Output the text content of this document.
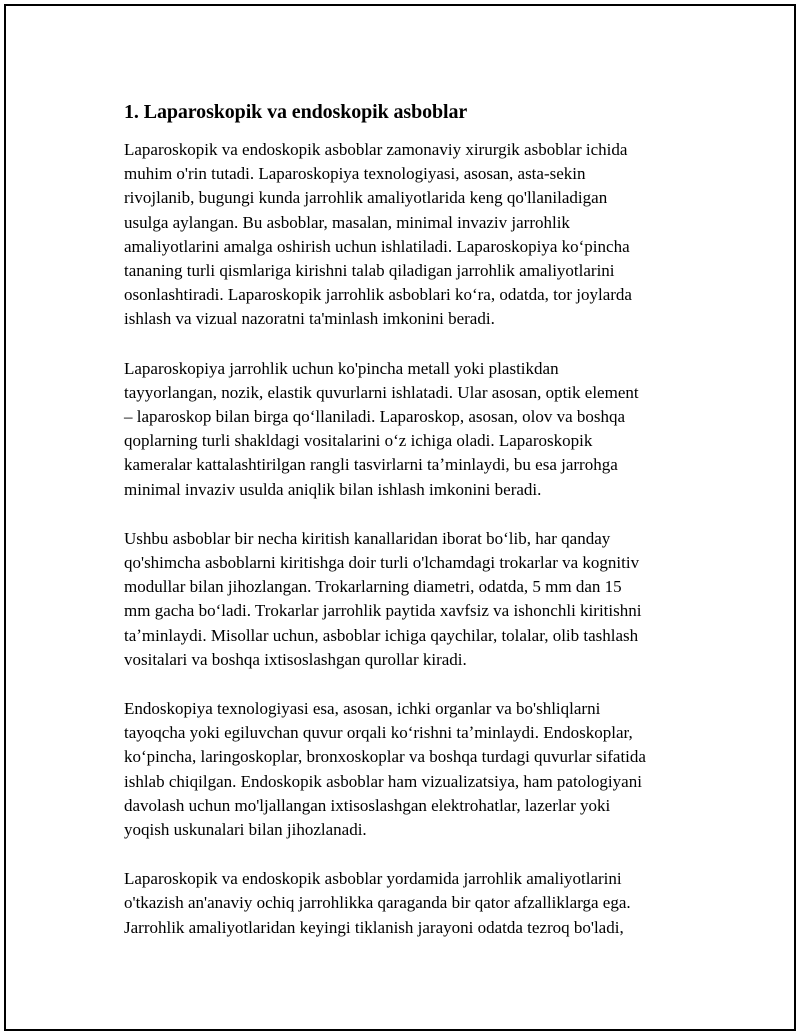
1. Laparoskopik va endoskopik asboblar

Laparoskopik va endoskopik asboblar zamonaviy xirurgik asboblar ichida
muhim o'rin tutadi. Laparoskopiya texnologiyasi, asosan, asta-sekin
rivojlanib, bugungi kunda jarrohlik amaliyotlarida keng qo'llaniladigan
usulga aylangan. Bu asboblar, masalan, minimal invaziv jarrohlik
amaliyotlarini amalga oshirish uchun ishlatiladi. Laparoskopiya koʻpincha
tananing turli qismlariga kirishni talab qiladigan jarrohlik amaliyotlarini
osonlashtiradi. Laparoskopik jarrohlik asboblari koʻra, odatda, tor joylarda
ishlash va vizual nazoratni ta'minlash imkonini beradi.

Laparoskopiya jarrohlik uchun ko'pincha metall yoki plastikdan
tayyorlangan, nozik, elastik quvurlarni ishlatadi. Ular asosan, optik element
– laparoskop bilan birga qoʻllaniladi. Laparoskop, asosan, olov va boshqa
qoplarning turli shakldagi vositalarini oʻz ichiga oladi. Laparoskopik
kameralar kattalashtirilgan rangli tasvirlarni taʼminlaydi, bu esa jarrohga
minimal invaziv usulda aniqlik bilan ishlash imkonini beradi.

Ushbu asboblar bir necha kiritish kanallaridan iborat boʻlib, har qanday
qo'shimcha asboblarni kiritishga doir turli o'lchamdagi trokarlar va kognitiv
modullar bilan jihozlangan. Trokarlarning diametri, odatda, 5 mm dan 15
mm gacha boʻladi. Trokarlar jarrohlik paytida xavfsiz va ishonchli kiritishni
taʼminlaydi. Misollar uchun, asboblar ichiga qaychilar, tolalar, olib tashlash
vositalari va boshqa ixtisoslashgan qurollar kiradi.

Endoskopiya texnologiyasi esa, asosan, ichki organlar va bo'shliqlarni
tayoqcha yoki egiluvchan quvur orqali koʻrishni taʼminlaydi. Endoskoplar,
koʻpincha, laringoskoplar, bronxoskoplar va boshqa turdagi quvurlar sifatida
ishlab chiqilgan. Endoskopik asboblar ham vizualizatsiya, ham patologiyani
davolash uchun mo'ljallangan ixtisoslashgan elektrohatlar, lazerlar yoki
yoqish uskunalari bilan jihozlanadi.

Laparoskopik va endoskopik asboblar yordamida jarrohlik amaliyotlarini
o'tkazish an'anaviy ochiq jarrohlikka qaraganda bir qator afzalliklarga ega.
Jarrohlik amaliyotlaridan keyingi tiklanish jarayoni odatda tezroq bo'ladi,
